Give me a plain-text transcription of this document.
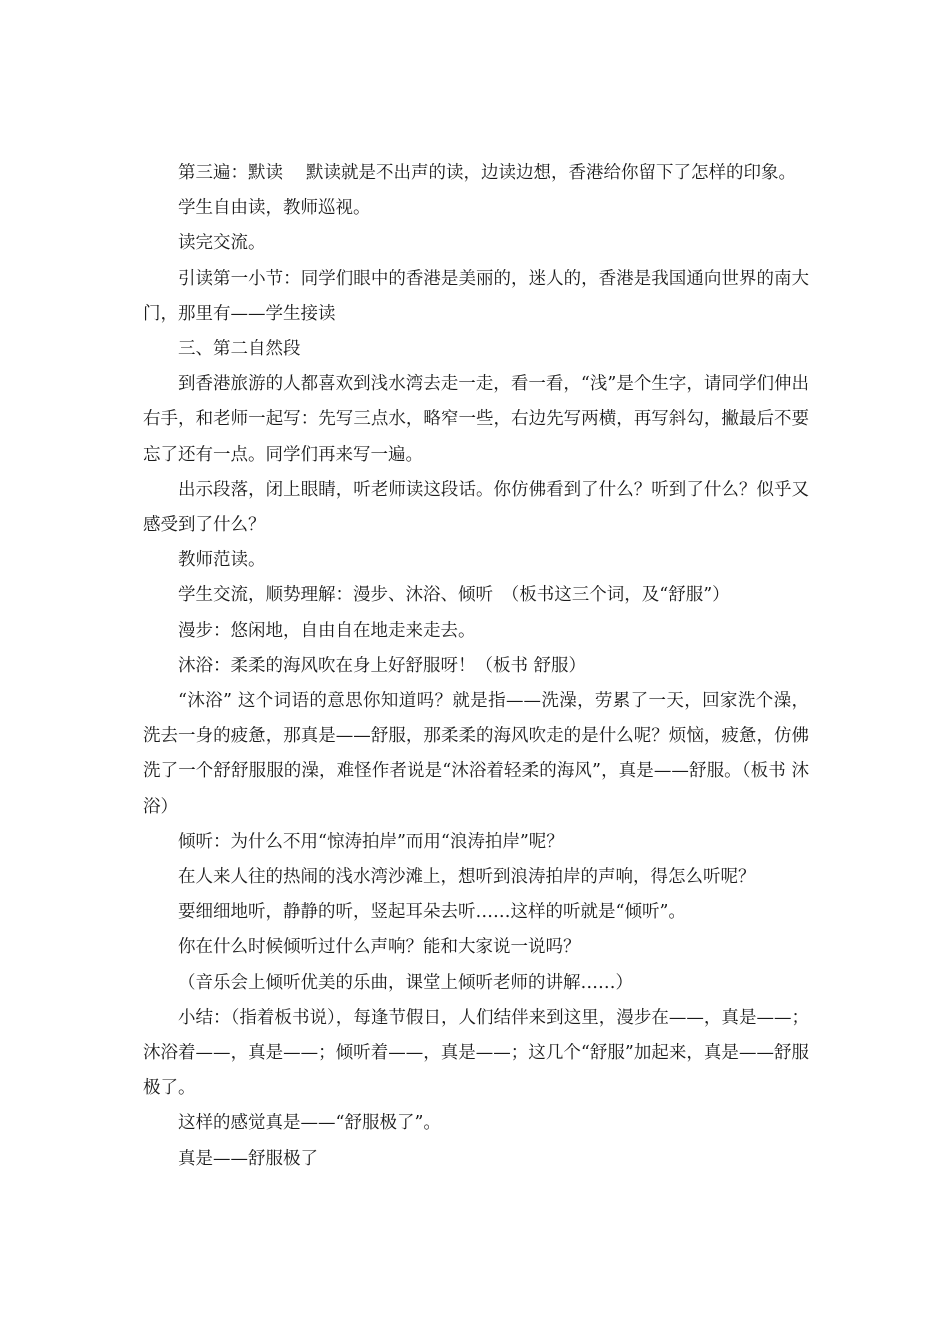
第三遍：默读　 默读就是不出声的读，边读边想，香港给你留下了怎样的印象。

学生自由读，教师巡视。

读完交流。

引读第一小节：同学们眼中的香港是美丽的，迷人的，香港是我国通向世界的南大门，那里有——学生接读

三、第二自然段

到香港旅游的人都喜欢到浅水湾去走一走，看一看，“浅”是个生字，请同学们伸出右手，和老师一起写：先写三点水，略窄一些，右边先写两横，再写斜勾，撇最后不要忘了还有一点。同学们再来写一遍。

出示段落，闭上眼睛，听老师读这段话。你仿佛看到了什么？听到了什么？似乎又感受到了什么？

教师范读。

学生交流，顺势理解：漫步、沐浴、倾听　（板书这三个词，及“舒服”）

漫步：悠闲地，自由自在地走来走去。

沐浴：柔柔的海风吹在身上好舒服呀！（板书 舒服）

“沐浴” 这个词语的意思你知道吗？就是指——洗澡，劳累了一天，回家洗个澡，洗去一身的疲惫，那真是——舒服，那柔柔的海风吹走的是什么呢？烦恼，疲惫，仿佛洗了一个舒舒服服的澡，难怪作者说是“沐浴着轻柔的海风”，真是——舒服。（板书 沐浴）

倾听：为什么不用“惊涛拍岸”而用“浪涛拍岸”呢？

在人来人往的热闹的浅水湾沙滩上，想听到浪涛拍岸的声响，得怎么听呢？

要细细地听，静静的听，竖起耳朵去听……这样的听就是“倾听”。

你在什么时候倾听过什么声响？能和大家说一说吗？

（音乐会上倾听优美的乐曲，课堂上倾听老师的讲解……）

小结：（指着板书说），每逢节假日，人们结伴来到这里，漫步在——，真是——；沐浴着——，真是——；倾听着——，真是——；这几个“舒服”加起来，真是——舒服极了。

这样的感觉真是——“舒服极了”。

真是——舒服极了
